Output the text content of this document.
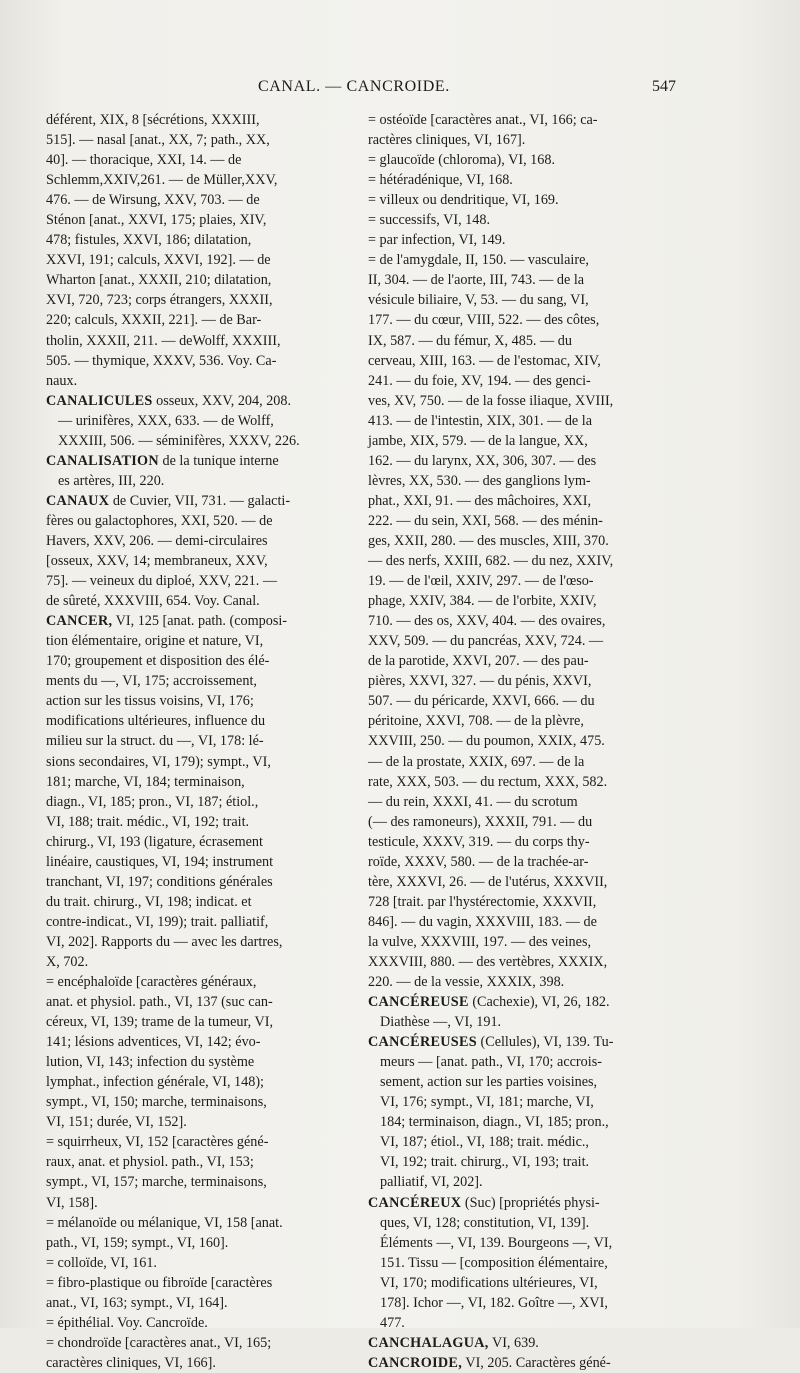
CANAL. — CANCROIDE.	547
déférent, XIX, 8 [sécrétions, XXXIII,
515]. — nasal [anat., XX, 7; path., XX,
40]. — thoracique, XXI, 14. — de
Schlemm,XXIV,261. — de Müller,XXV,
476. — de Wirsung, XXV, 703. — de
Sténon [anat., XXVI, 175; plaies, XIV,
478; fistules, XXVI, 186; dilatation,
XXVI, 191; calculs, XXVI, 192]. — de
Wharton [anat., XXXII, 210; dilatation,
XVI, 720, 723; corps étrangers, XXXII,
220; calculs, XXXII, 221]. — de Bar-
tholin, XXXII, 211. — deWolff, XXXIII,
505. — thymique, XXXV, 536. Voy. Ca-
naux.
CANALICULES osseux, XXV, 204, 208.
— urinifères, XXX, 633. — de Wolff,
XXXIII, 506. — séminifères, XXXV, 226.
CANALISATION de la tunique interne
es artères, III, 220.
CANAUX de Cuvier, VII, 731. — galacti-
fères ou galactophores, XXI, 520. — de
Havers, XXV, 206. — demi-circulaires
[osseux, XXV, 14; membraneux, XXV,
75]. — veineux du diploé, XXV, 221. —
de sûreté, XXXVIII, 654. Voy. Canal.
CANCER, VI, 125 [anat. path. (composi-
tion élémentaire, origine et nature, VI,
170; groupement et disposition des élé-
ments du —, VI, 175; accroissement,
action sur les tissus voisins, VI, 176;
modifications ultérieures, influence du
milieu sur la struct. du —, VI, 178: lé-
sions secondaires, VI, 179); sympt., VI,
181; marche, VI, 184; terminaison,
diagn., VI, 185; pron., VI, 187; étiol.,
VI, 188; trait. médic., VI, 192; trait.
chirurg., VI, 193 (ligature, écrasement
linéaire, caustiques, VI, 194; instrument
tranchant, VI, 197; conditions générales
du trait. chirurg., VI, 198; indicat. et
contre-indicat., VI, 199); trait. palliatif,
VI, 202]. Rapports du — avec les dartres,
X, 702.
= encéphaloïde [caractères généraux,
anat. et physiol. path., VI, 137 (suc can-
céreux, VI, 139; trame de la tumeur, VI,
141; lésions adventices, VI, 142; évo-
lution, VI, 143; infection du système
lymphat., infection générale, VI, 148);
sympt., VI, 150; marche, terminaisons,
VI, 151; durée, VI, 152].
= squirrheux, VI, 152 [caractères géné-
raux, anat. et physiol. path., VI, 153;
sympt., VI, 157; marche, terminaisons,
VI, 158].
= mélanoïde ou mélanique, VI, 158 [anat.
path., VI, 159; sympt., VI, 160].
= colloïde, VI, 161.
= fibro-plastique ou fibroïde [caractères
anat., VI, 163; sympt., VI, 164].
= épithélial. Voy. Cancroïde.
= chondroïde [caractères anat., VI, 165;
caractères cliniques, VI, 166].
= ostéoïde [caractères anat., VI, 166; ca-
ractères cliniques, VI, 167].
= glaucoïde (chloroma), VI, 168.
= hétéradénique, VI, 168.
= villeux ou dendritique, VI, 169.
= successifs, VI, 148.
= par infection, VI, 149.
= de l'amygdale, II, 150. — vasculaire,
II, 304. — de l'aorte, III, 743. — de la
vésicule biliaire, V, 53. — du sang, VI,
177. — du cœur, VIII, 522. — des côtes,
IX, 587. — du fémur, X, 485. — du
cerveau, XIII, 163. — de l'estomac, XIV,
241. — du foie, XV, 194. — des genci-
ves, XV, 750. — de la fosse iliaque, XVIII,
413. — de l'intestin, XIX, 301. — de la
jambe, XIX, 579. — de la langue, XX,
162. — du larynx, XX, 306, 307. — des
lèvres, XX, 530. — des ganglions lym-
phat., XXI, 91. — des mâchoires, XXI,
222. — du sein, XXI, 568. — des ménin-
ges, XXII, 280. — des muscles, XIII, 370.
— des nerfs, XXIII, 682. — du nez, XXIV,
19. — de l'œil, XXIV, 297. — de l'œso-
phage, XXIV, 384. — de l'orbite, XXIV,
710. — des os, XXV, 404. — des ovaires,
XXV, 509. — du pancréas, XXV, 724. —
de la parotide, XXVI, 207. — des pau-
pières, XXVI, 327. — du pénis, XXVI,
507. — du péricarde, XXVI, 666. — du
péritoine, XXVI, 708. — de la plèvre,
XXVIII, 250. — du poumon, XXIX, 475.
— de la prostate, XXIX, 697. — de la
rate, XXX, 503. — du rectum, XXX, 582.
— du rein, XXXI, 41. — du scrotum
(— des ramoneurs), XXXII, 791. — du
testicule, XXXV, 319. — du corps thy-
roïde, XXXV, 580. — de la trachée-ar-
tère, XXXVI, 26. — de l'utérus, XXXVII,
728 [trait. par l'hystérectomie, XXXVII,
846]. — du vagin, XXXVIII, 183. — de
la vulve, XXXVIII, 197. — des veines,
XXXVIII, 880. — des vertèbres, XXXIX,
220. — de la vessie, XXXIX, 398.
CANCÉREUSE (Cachexie), VI, 26, 182.
Diathèse —, VI, 191.
CANCÉREUSES (Cellules), VI, 139. Tu-
meurs — [anat. path., VI, 170; accrois-
sement, action sur les parties voisines,
VI, 176; sympt., VI, 181; marche, VI,
184; terminaison, diagn., VI, 185; pron.,
VI, 187; étiol., VI, 188; trait. médic.,
VI, 192; trait. chirurg., VI, 193; trait.
palliatif, VI, 202].
CANCÉREUX (Suc) [propriétés physi-
ques, VI, 128; constitution, VI, 139].
Éléments —, VI, 139. Bourgeons —, VI,
151. Tissu — [composition élémentaire,
VI, 170; modifications ultérieures, VI,
178]. Ichor —, VI, 182. Goître —, XVI,
477.
CANCHALAGUA, VI, 639.
CANCROIDE, VI, 205. Caractères géné-
